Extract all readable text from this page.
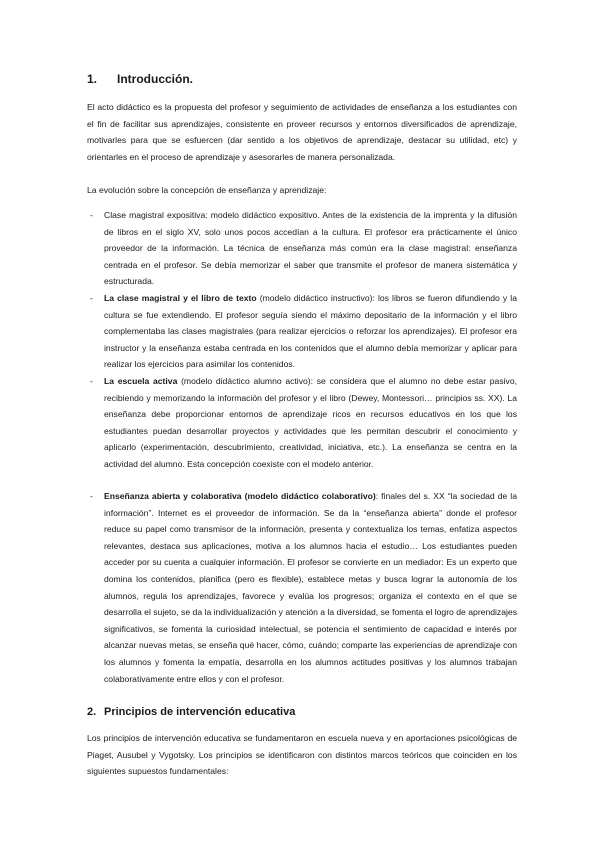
1. Introducción.

El acto didáctico es la propuesta del profesor y seguimiento de actividades de enseñanza a los estudiantes con el fin de facilitar sus aprendizajes, consistente en proveer recursos y entornos diversificados de aprendizaje, motivarles para que se esfuercen (dar sentido a los objetivos de aprendizaje, destacar su utilidad, etc) y orientarles en el proceso de aprendizaje y asesorarles de manera personalizada.

La evolución sobre la concepción de enseñanza y aprendizaje:

- Clase magistral expositiva: modelo didáctico expositivo. Antes de la existencia de la imprenta y la difusión de libros en el siglo XV, solo unos pocos accedían a la cultura. El profesor era prácticamente el único proveedor de la información. La técnica de enseñanza más común era la clase magistral: enseñanza centrada en el profesor. Se debía memorizar el saber que transmite el profesor de manera sistemática y estructurada.

- La clase magistral y el libro de texto (modelo didáctico instructivo): los libros se fueron difundiendo y la cultura se fue extendiendo. El profesor seguía siendo el máximo depositario de la información y el libro complementaba las clases magistrales (para realizar ejercicios o reforzar los aprendizajes). El profesor era instructor y la enseñanza estaba centrada en los contenidos que el alumno debía memorizar y aplicar para realizar los ejercicios para asimilar los contenidos.

- La escuela activa (modelo didáctico alumno activo): se considera que el alumno no debe estar pasivo, recibiendo y memorizando la información del profesor y el libro (Dewey, Montessori… principios ss. XX). La enseñanza debe proporcionar entornos de aprendizaje ricos en recursos educativos en los que los estudiantes puedan desarrollar proyectos y actividades que les permitan descubrir el conocimiento y aplicarlo (experimentación, descubrimiento, creatividad, iniciativa, etc.). La enseñanza se centra en la actividad del alumno. Esta concepción coexiste con el modelo anterior.

- Enseñanza abierta y colaborativa (modelo didáctico colaborativo): finales del s. XX “la sociedad de la información”. Internet es el proveedor de información. Se da la “enseñanza abierta” donde el profesor reduce su papel como transmisor de la información, presenta y contextualiza los temas, enfatiza aspectos relevantes, destaca sus aplicaciones, motiva a los alumnos hacia el estudio… Los estudiantes pueden acceder por su cuenta a cualquier información. El profesor se convierte en un mediador: Es un experto que domina los contenidos, planifica (pero es flexible), establece metas y busca lograr la autonomía de los alumnos, regula los aprendizajes, favorece y evalúa los progresos; organiza el contexto en el que se desarrolla el sujeto, se da la individualización y atención a la diversidad, se fomenta el logro de aprendizajes significativos, se fomenta la curiosidad intelectual, se potencia el sentimiento de capacidad e interés por alcanzar nuevas metas, se enseña qué hacer, cómo, cuándo; comparte las experiencias de aprendizaje con los alumnos y fomenta la empatía, desarrolla en los alumnos actitudes positivas y los alumnos trabajan colaborativamente entre ellos y con el profesor.

2. Principios de intervención educativa

Los principios de intervención educativa se fundamentaron en escuela nueva y en aportaciones psicológicas de Piaget, Ausubel y Vygotsky. Los principios se identificaron con distintos marcos teóricos que coinciden en los siguientes supuestos fundamentales:
